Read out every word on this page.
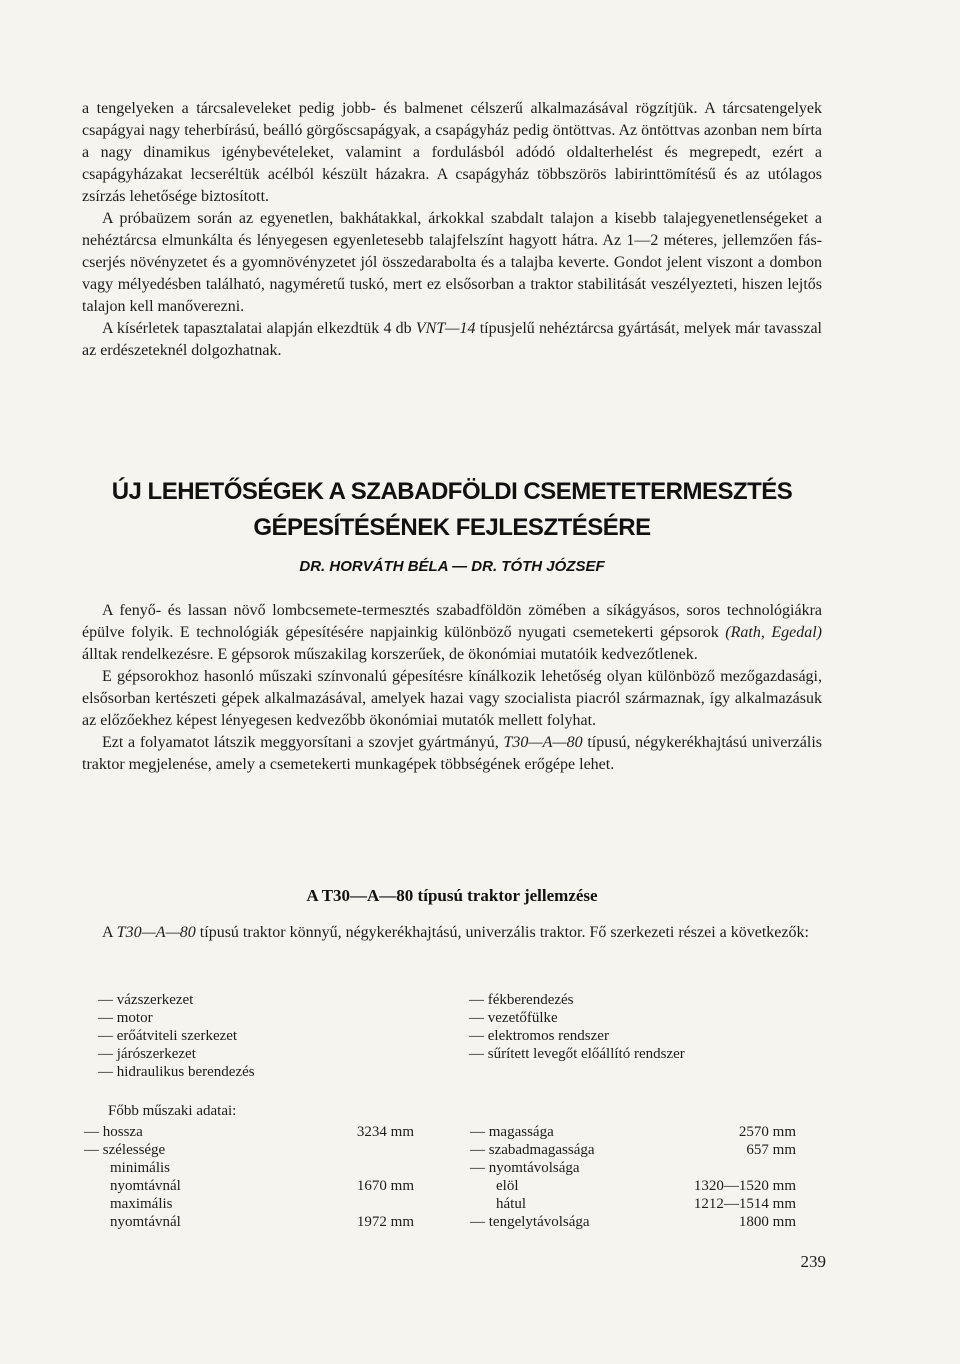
a tengelyeken a tárcsaleveleket pedig jobb- és balmenet célszerű alkalmazásával rögzítjük. A tárcsatengelyek csapágyai nagy teherbírású, beálló görgőscsapágyak, a csapágyház pedig öntöttvas. Az öntöttvas azonban nem bírta a nagy dinamikus igénybevételeket, valamint a fordulásból adódó oldalterhelést és megrepedt, ezért a csapágyházakat lecseréltük acélból készült házakra. A csapágyház többszörös labirinttömítésű és az utólagos zsírzás lehetősége biztosított.

A próbaüzem során az egyenetlen, bakhátakkal, árkokkal szabdalt talajon a kisebb talajegyenetlenségeket a nehéztárcsa elmunkálta és lényegesen egyenletesebb talajfelszínt hagyott hátra. Az 1—2 méteres, jellemzően fás-cserjés növényzetet és a gyomnövényzetet jól összedarabolta és a talajba keverte. Gondot jelent viszont a dombon vagy mélyedésben található, nagyméretű tuskó, mert ez elsősorban a traktor stabilitását veszélyezteti, hiszen lejtős talajon kell manőverezni.

A kísérletek tapasztalatai alapján elkezdtük 4 db VNT—14 típusjelű nehéztárcsa gyártását, melyek már tavasszal az erdészeteknél dolgozhatnak.

ÚJ LEHETŐSÉGEK A SZABADFÖLDI CSEMETETERMESZTÉS
GÉPESÍTÉSÉNEK FEJLESZTÉSÉRE
DR. HORVÁTH BÉLA — DR. TÓTH JÓZSEF

A fenyő- és lassan növő lombcsemete-termesztés szabadföldön zömében a síkágyásos, soros technológiákra épülve folyik. E technológiák gépesítésére napjainkig különböző nyugati csemetekerti gépsorok (Rath, Egedal) álltak rendelkezésre. E gépsorok műszakilag korszerűek, de ökonómiai mutatóik kedvezőtlenek.

E gépsorokhoz hasonló műszaki színvonalú gépesítésre kínálkozik lehetőség olyan különböző mezőgazdasági, elsősorban kertészeti gépek alkalmazásával, amelyek hazai vagy szocialista piacról származnak, így alkalmazásuk az előzőekhez képest lényegesen kedvezőbb ökonómiai mutatók mellett folyhat.

Ezt a folyamatot látszik meggyorsítani a szovjet gyártmányú, T30—A—80 típusú, négykerékhajtású univerzális traktor megjelenése, amely a csemetekerti munkagépek többségének erőgépe lehet.

A T30—A—80 típusú traktor jellemzése

A T30—A—80 típusú traktor könnyű, négykerékhajtású, univerzális traktor. Fő szerkezeti részei a következők:

— vázszerkezet
— motor
— erőátviteli szerkezet
— járószerkezet
— hidraulikus berendezés
— fékberendezés
— vezetőfülke
— elektromos rendszer
— sűrített levegőt előállító rendszer
Főbb műszaki adatai:
— hossza	3234 mm
— szélessége
minimális
nyomtávnál	1670 mm
maximális
nyomtávnál	1972 mm
— magassága	2570 mm
— szabadmagassága	657 mm
— nyomtávolsága
elöl	1320—1520 mm
hátul	1212—1514 mm
— tengelytávolsága	1800 mm
239
